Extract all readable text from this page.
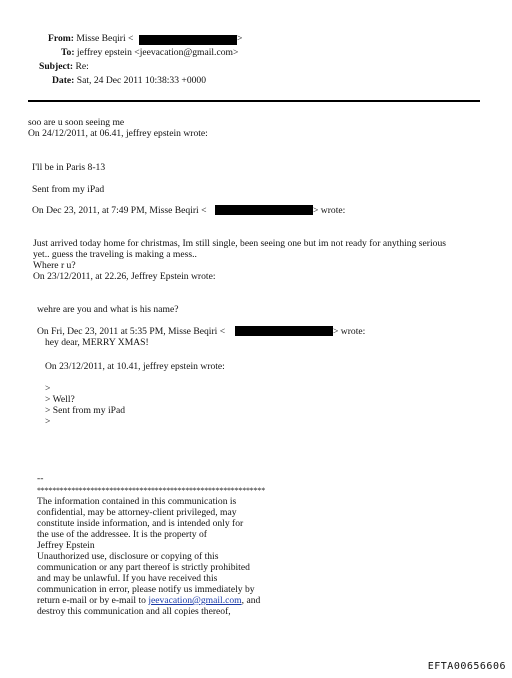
From: Misse Beqiri <	>
To: jeffrey epstein <jeevacation@gmail.com>
Subject: Re:
Date: Sat, 24 Dec 2011 10:38:33 +0000
soo are u soon seeing me
On 24/12/2011, at 06.41, jeffrey epstein wrote:
I'll be in Paris 8-13
Sent from my iPad
On Dec 23, 2011, at 7:49 PM, Misse Beqiri <	> wrote:
Just arrived today home for christmas, Im still single, been seeing one but im not ready for anything serious
yet.. guess the traveling is making a mess..
Where r u?
On 23/12/2011, at 22.26, Jeffrey Epstein wrote:
wehre are you and what is his name?
On Fri, Dec 23, 2011 at 5:35 PM, Misse Beqiri <	> wrote:
hey dear, MERRY XMAS!
On 23/12/2011, at 10.41, jeffrey epstein wrote:
>
> Well?
> Sent from my iPad
>
--
************************************************************
The information contained in this communication is
confidential, may be attorney-client privileged, may
constitute inside information, and is intended only for
the use of the addressee. It is the property of
Jeffrey Epstein
Unauthorized use, disclosure or copying of this
communication or any part thereof is strictly prohibited
and may be unlawful. If you have received this
communication in error, please notify us immediately by
return e-mail or by e-mail to jeevacation@gmail.com, and
destroy this communication and all copies thereof,
EFTA00656606
